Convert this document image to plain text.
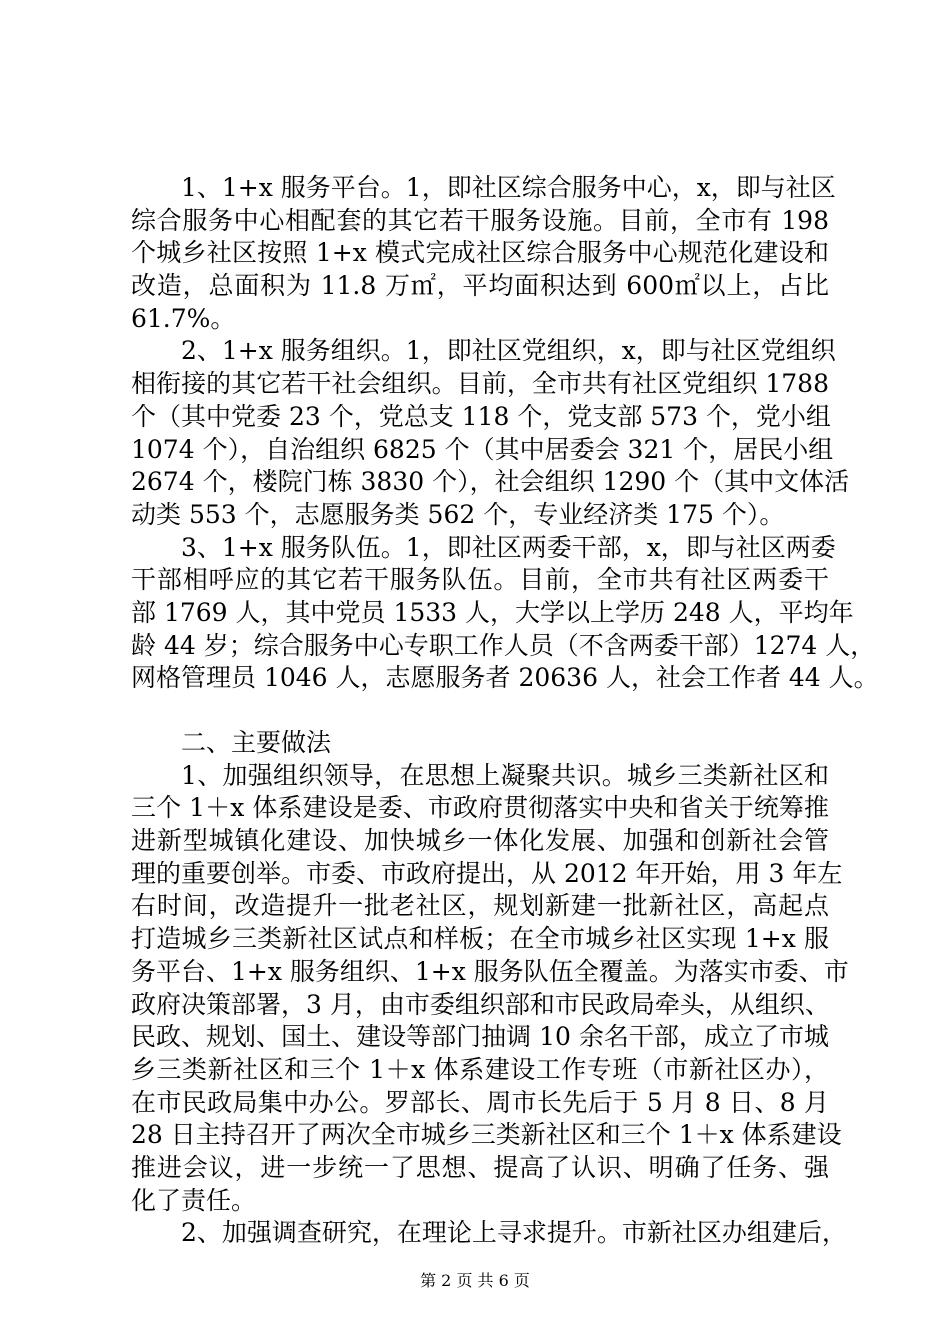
1、1+x 服务平台。1，即社区综合服务中心，x，即与社区
综合服务中心相配套的其它若干服务设施。目前，全市有 198
个城乡社区按照 1+x 模式完成社区综合服务中心规范化建设和
改造，总面积为 11.8 万㎡，平均面积达到 600㎡以上，占比
61.7%。
2、1+x 服务组织。1，即社区党组织，x，即与社区党组织
相衔接的其它若干社会组织。目前，全市共有社区党组织 1788
个（其中党委 23 个，党总支 118 个，党支部 573 个，党小组
1074 个），自治组织 6825 个（其中居委会 321 个，居民小组
2674 个，楼院门栋 3830 个），社会组织 1290 个（其中文体活
动类 553 个，志愿服务类 562 个，专业经济类 175 个）。
3、1+x 服务队伍。1，即社区两委干部，x，即与社区两委
干部相呼应的其它若干服务队伍。目前，全市共有社区两委干
部 1769 人，其中党员 1533 人，大学以上学历 248 人，平均年
龄 44 岁；综合服务中心专职工作人员（不含两委干部）1274 人，
网格管理员 1046 人，志愿服务者 20636 人，社会工作者 44 人。
二、主要做法
1、加强组织领导，在思想上凝聚共识。城乡三类新社区和
三个 1＋x 体系建设是委、市政府贯彻落实中央和省关于统筹推
进新型城镇化建设、加快城乡一体化发展、加强和创新社会管
理的重要创举。市委、市政府提出，从 2012 年开始，用 3 年左
右时间，改造提升一批老社区，规划新建一批新社区，高起点
打造城乡三类新社区试点和样板；在全市城乡社区实现 1+x 服
务平台、1+x 服务组织、1+x 服务队伍全覆盖。为落实市委、市
政府决策部署，3 月，由市委组织部和市民政局牵头，从组织、
民政、规划、国土、建设等部门抽调 10 余名干部，成立了市城
乡三类新社区和三个 1＋x 体系建设工作专班（市新社区办），
在市民政局集中办公。罗部长、周市长先后于 5 月 8 日、8 月
28 日主持召开了两次全市城乡三类新社区和三个 1＋x 体系建设
推进会议，进一步统一了思想、提高了认识、明确了任务、强
化了责任。
2、加强调查研究，在理论上寻求提升。市新社区办组建后，
第 2 页 共 6 页
